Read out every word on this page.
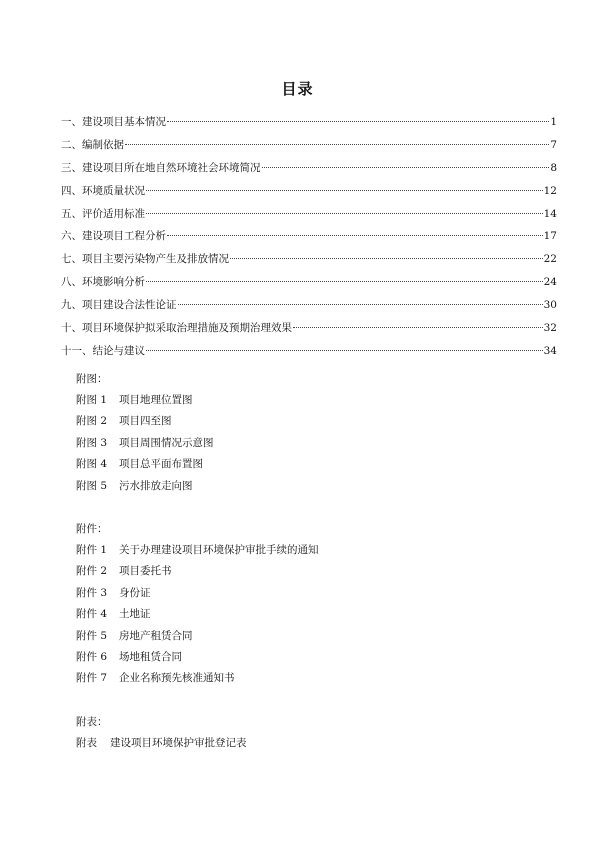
目录
一、建设项目基本情况	1
二、编制依据	7
三、建设项目所在地自然环境社会环境简况	8
四、环境质量状况	12
五、评价适用标准	14
六、建设项目工程分析	17
七、项目主要污染物产生及排放情况	22
八、环境影响分析	24
九、项目建设合法性论证	30
十、项目环境保护拟采取治理措施及预期治理效果	32
十一、结论与建议	34
附图：
附图 1 项目地理位置图
附图 2 项目四至图
附图 3 项目周围情况示意图
附图 4 项目总平面布置图
附图 5 污水排放走向图
附件：
附件 1 关于办理建设项目环境保护审批手续的通知
附件 2 项目委托书
附件 3 身份证
附件 4 土地证
附件 5 房地产租赁合同
附件 6 场地租赁合同
附件 7 企业名称预先核准通知书
附表：
附表 建设项目环境保护审批登记表
